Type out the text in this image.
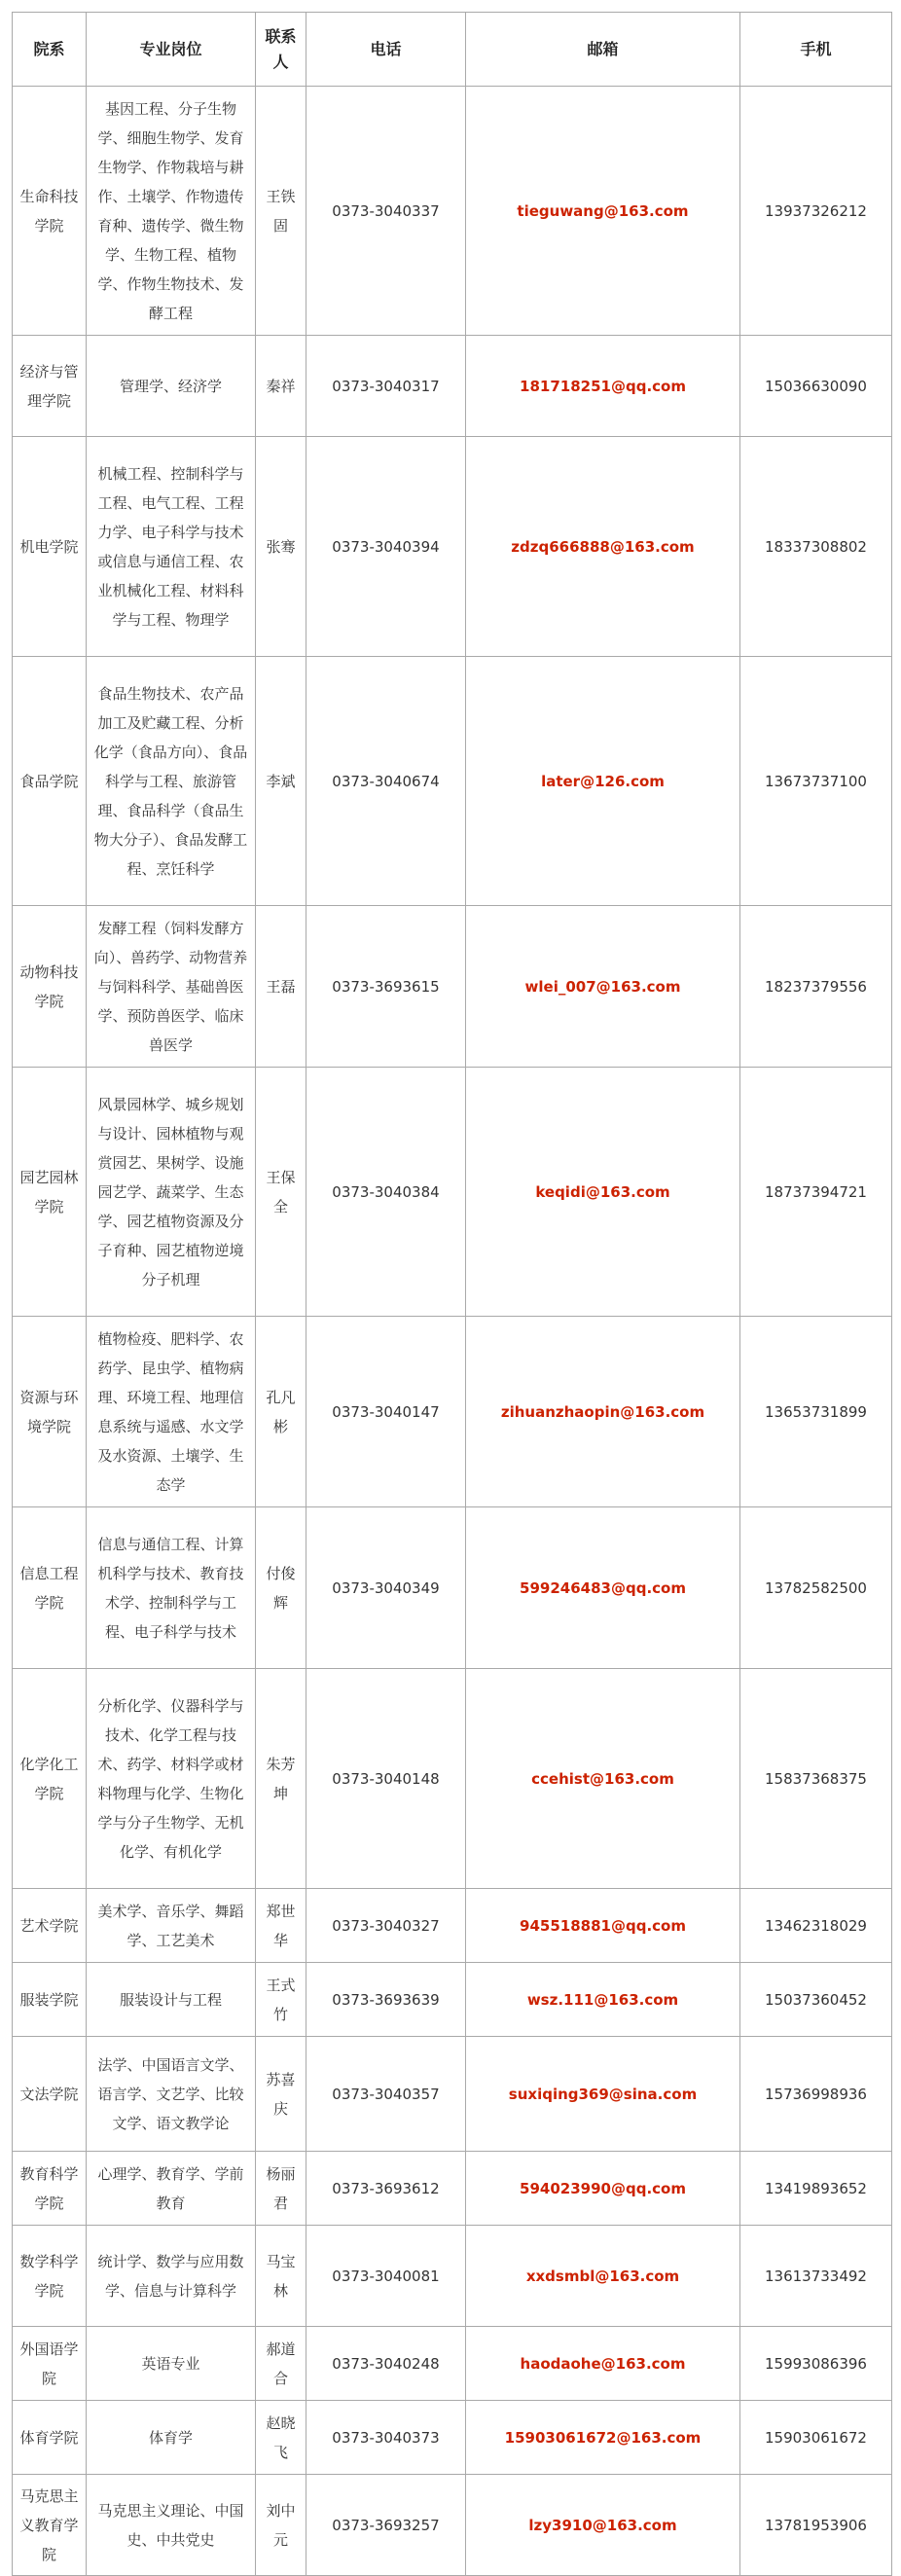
院系	专业岗位	联系人	电话	邮箱	手机
生命科技学院	基因工程、分子生物学、细胞生物学、发育生物学、作物栽培与耕作、土壤学、作物遗传育种、遗传学、微生物学、生物工程、植物学、作物生物技术、发酵工程	王铁固	0373-3040337	tieguwang@163.com	13937326212
经济与管理学院	管理学、经济学	秦祥	0373-3040317	181718251@qq.com	15036630090
机电学院	机械工程、控制科学与工程、电气工程、工程力学、电子科学与技术或信息与通信工程、农业机械化工程、材料科学与工程、物理学	张骞	0373-3040394	zdzq666888@163.com	18337308802
食品学院	食品生物技术、农产品加工及贮藏工程、分析化学（食品方向）、食品科学与工程、旅游管理、食品科学（食品生物大分子）、食品发酵工程、烹饪科学	李斌	0373-3040674	later@126.com	13673737100
动物科技学院	发酵工程（饲料发酵方向）、兽药学、动物营养与饲料科学、基础兽医学、预防兽医学、临床兽医学	王磊	0373-3693615	wlei_007@163.com	18237379556
园艺园林学院	风景园林学、城乡规划与设计、园林植物与观赏园艺、果树学、设施园艺学、蔬菜学、生态学、园艺植物资源及分子育种、园艺植物逆境分子机理	王保全	0373-3040384	keqidi@163.com	18737394721
资源与环境学院	植物检疫、肥料学、农药学、昆虫学、植物病理、环境工程、地理信息系统与遥感、水文学及水资源、土壤学、生态学	孔凡彬	0373-3040147	zihuanzhaopin@163.com	13653731899
信息工程学院	信息与通信工程、计算机科学与技术、教育技术学、控制科学与工程、电子科学与技术	付俊辉	0373-3040349	599246483@qq.com	13782582500
化学化工学院	分析化学、仪器科学与技术、化学工程与技术、药学、材料学或材料物理与化学、生物化学与分子生物学、无机化学、有机化学	朱芳坤	0373-3040148	ccehist@163.com	15837368375
艺术学院	美术学、音乐学、舞蹈学、工艺美术	郑世华	0373-3040327	945518881@qq.com	13462318029
服装学院	服装设计与工程	王式竹	0373-3693639	wsz.111@163.com	15037360452
文法学院	法学、中国语言文学、语言学、文艺学、比较文学、语文教学论	苏喜庆	0373-3040357	suxiqing369@sina.com	15736998936
教育科学学院	心理学、教育学、学前教育	杨丽君	0373-3693612	594023990@qq.com	13419893652
数学科学学院	统计学、数学与应用数学、信息与计算科学	马宝林	0373-3040081	xxdsmbl@163.com	13613733492
外国语学院	英语专业	郝道合	0373-3040248	haodaohe@163.com	15993086396
体育学院	体育学	赵晓飞	0373-3040373	15903061672@163.com	15903061672
马克思主义教育学院	马克思主义理论、中国史、中共党史	刘中元	0373-3693257	lzy3910@163.com	13781953906
